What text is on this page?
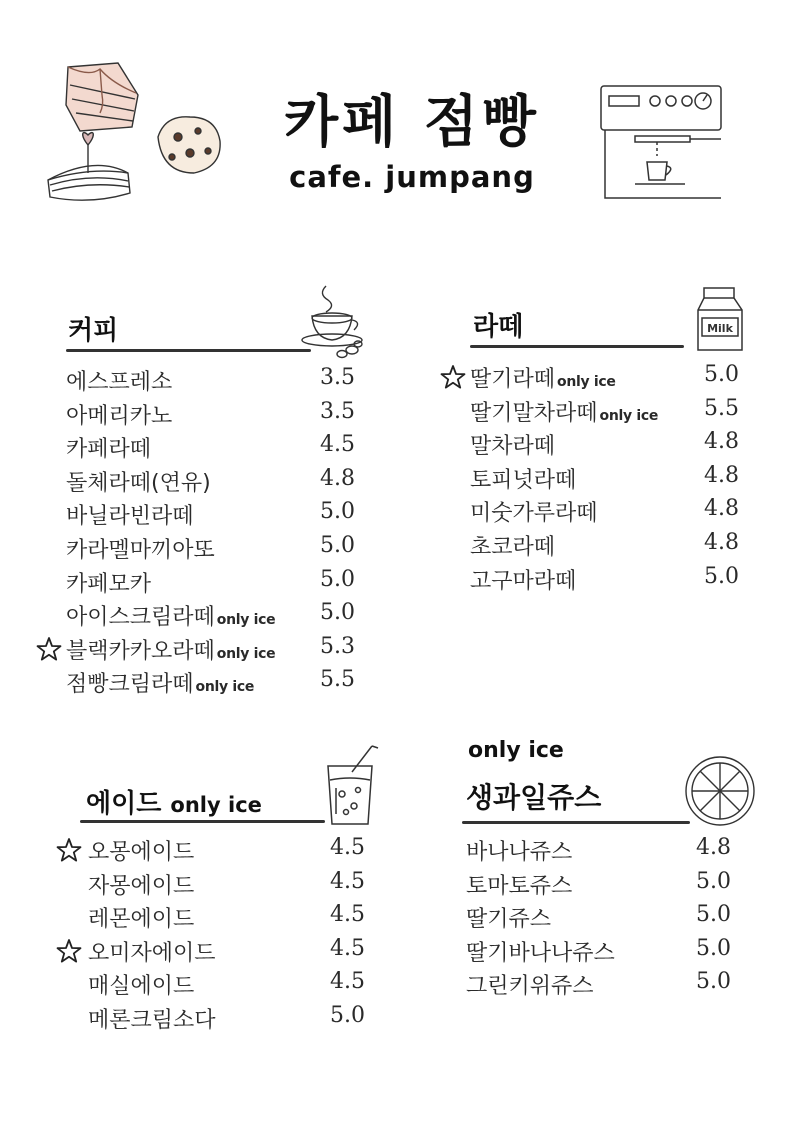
카페 점빵
cafe. jumpang
커피
에스프레소	3.5
아메리카노	3.5
카페라떼	4.5
돌체라떼(연유)	4.8
바닐라빈라떼	5.0
카라멜마끼아또	5.0
카페모카	5.0
아이스크림라떼 only ice 5.0
블랙카카오라떼 only ice 5.3
점빵크림라떼 only ice	5.5
라떼	Milk
딸기라떼 only ice	5.0
딸기말차라떼 only ice 5.5
말차라떼	4.8
토피넛라떼	4.8
미숫가루라떼	4.8
초코라떼	4.8
고구마라떼	5.0
에이드 only ice
오몽에이드	4.5
자몽에이드	4.5
레몬에이드	4.5
오미자에이드	4.5
매실에이드	4.5
메론크림소다	5.0
only ice
생과일쥬스
바나나쥬스	4.8
토마토쥬스	5.0
딸기쥬스	5.0
딸기바나나쥬스	5.0
그린키위쥬스	5.0
